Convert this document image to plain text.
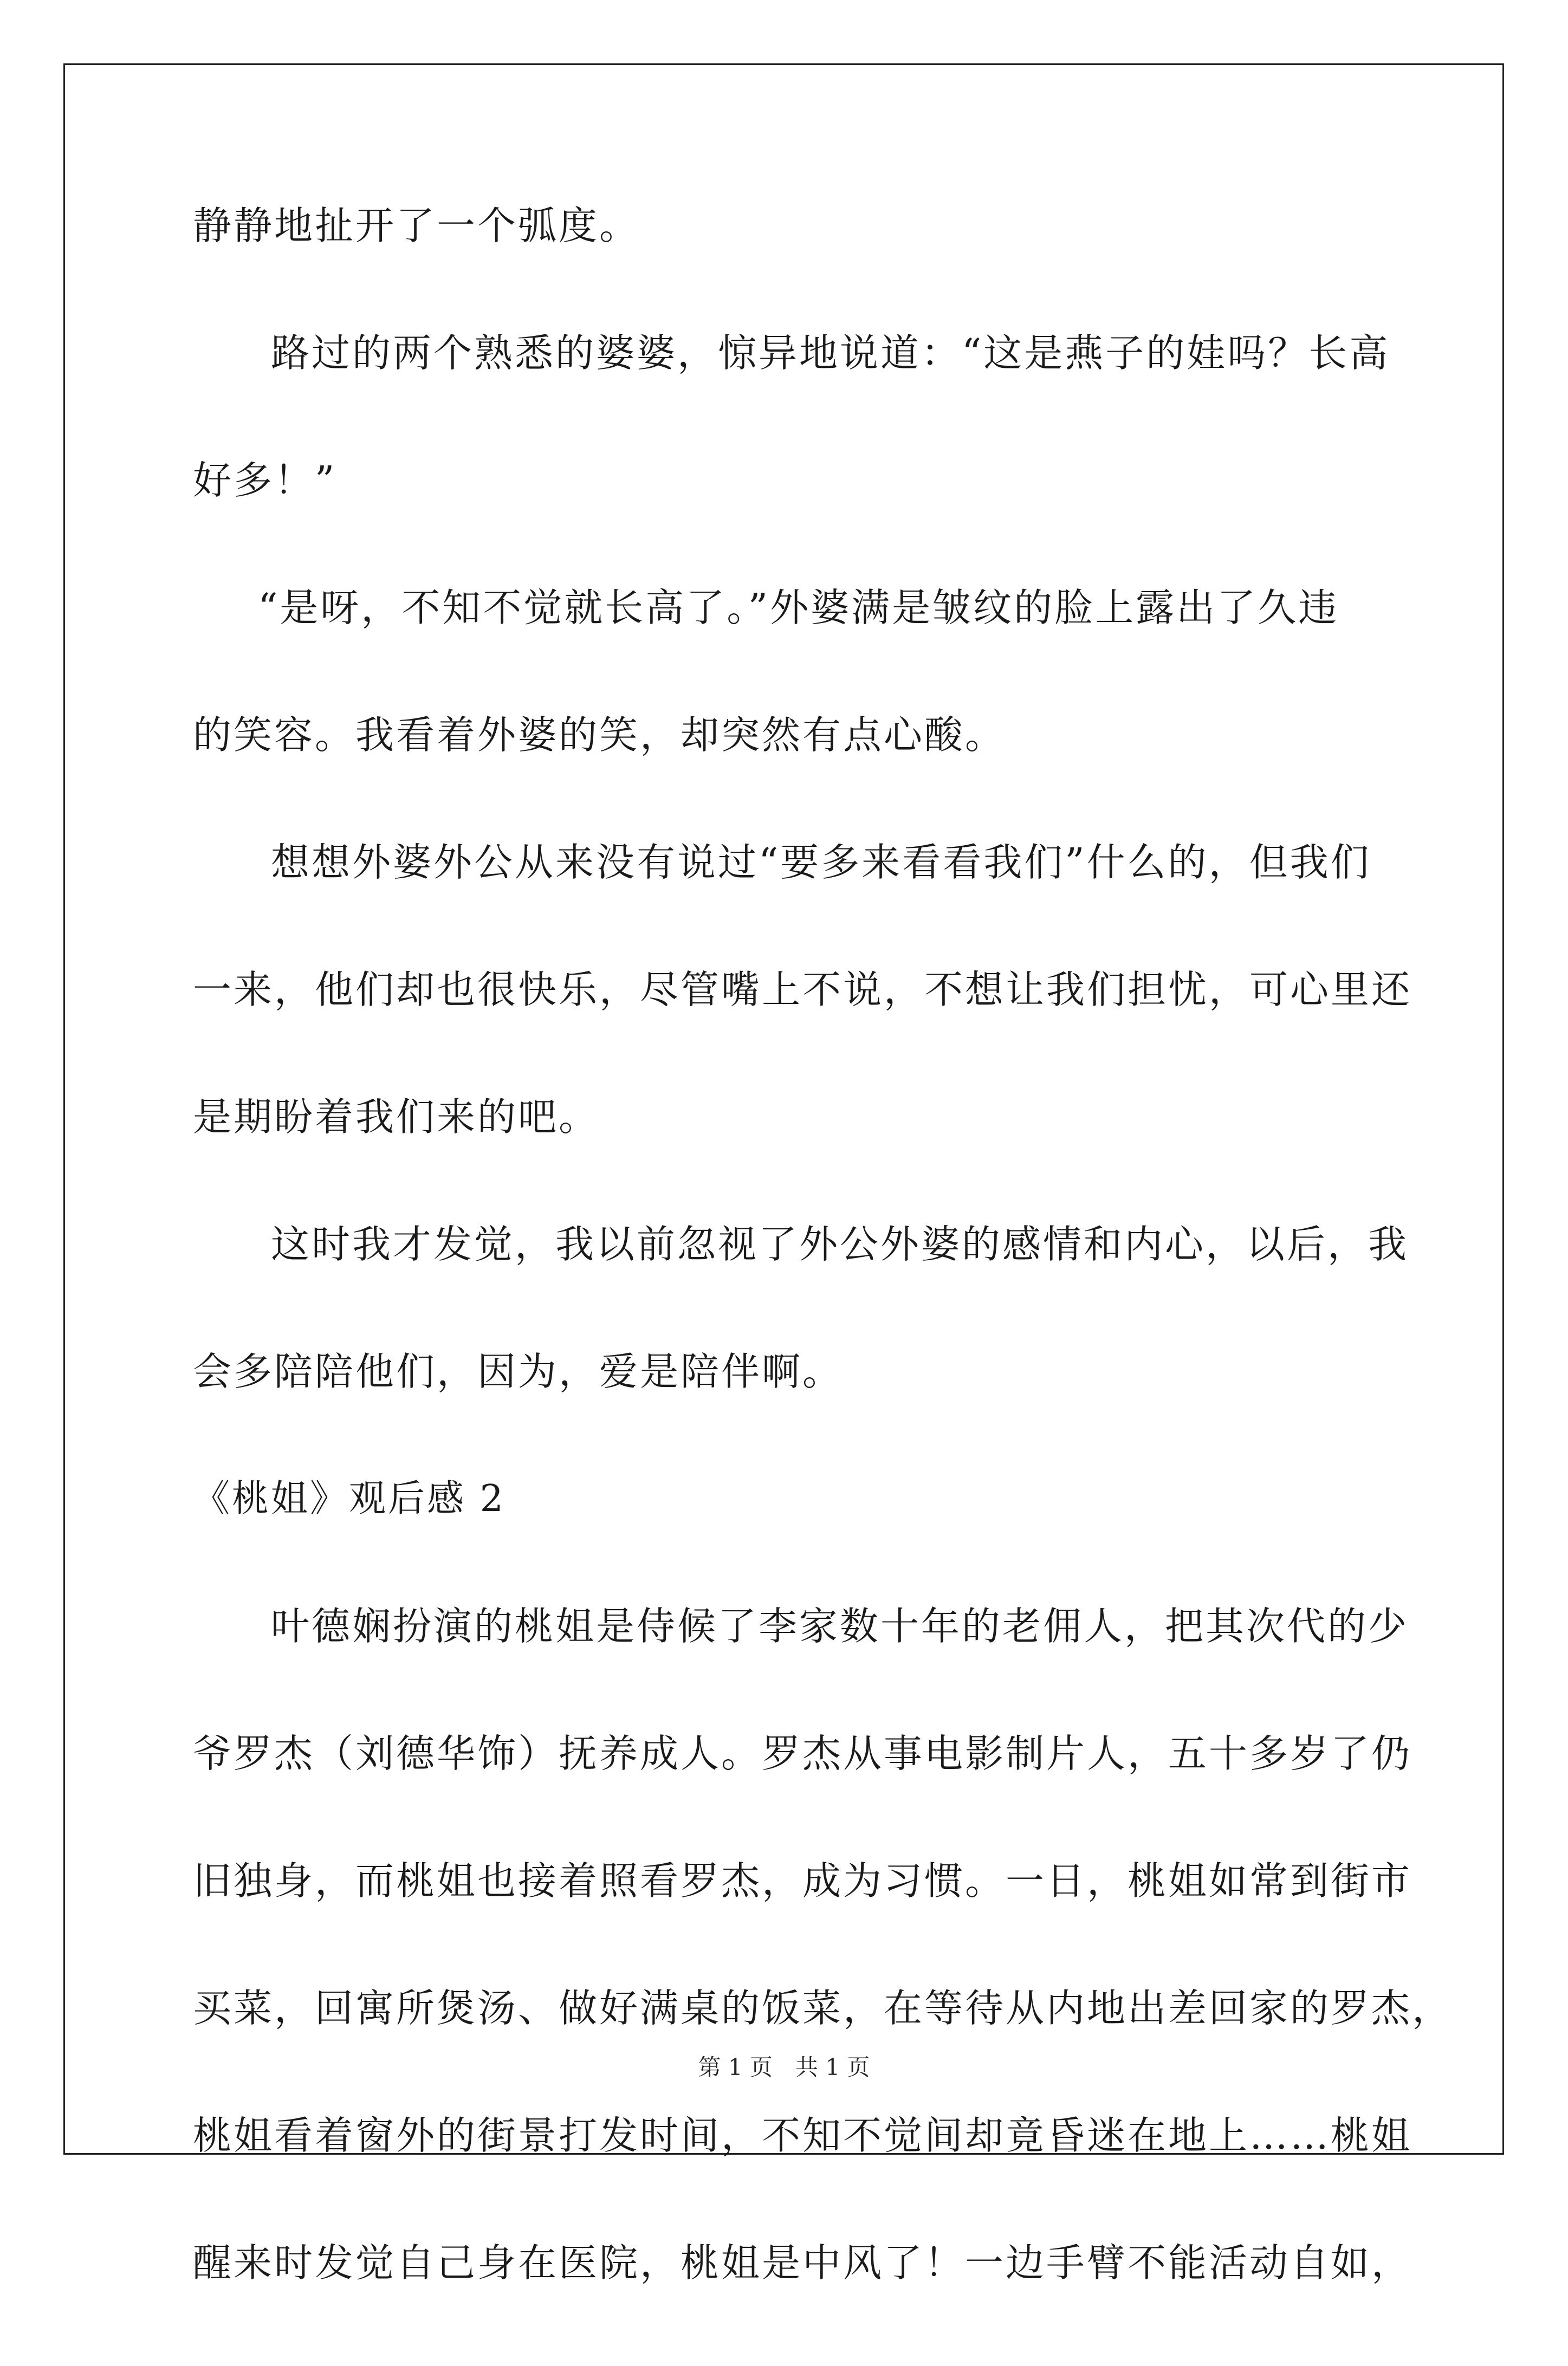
静静地扯开了一个弧度。
路过的两个熟悉的婆婆，惊异地说道：“这是燕子的娃吗？长高
好多！”
“是呀，不知不觉就长高了。”外婆满是皱纹的脸上露出了久违
的笑容。我看着外婆的笑，却突然有点心酸。
想想外婆外公从来没有说过“要多来看看我们”什么的，但我们
一来，他们却也很快乐，尽管嘴上不说，不想让我们担忧，可心里还
是期盼着我们来的吧。
这时我才发觉，我以前忽视了外公外婆的感情和内心，以后，我
会多陪陪他们，因为，爱是陪伴啊。
《桃姐》观后感 2
叶德娴扮演的桃姐是侍候了李家数十年的老佣人，把其次代的少
爷罗杰（刘德华饰）抚养成人。罗杰从事电影制片人，五十多岁了仍
旧独身，而桃姐也接着照看罗杰，成为习惯。一日，桃姐如常到街市
买菜，回寓所煲汤、做好满桌的饭菜，在等待从内地出差回家的罗杰，
桃姐看着窗外的街景打发时间，不知不觉间却竟昏迷在地上……桃姐
醒来时发觉自己身在医院，桃姐是中风了！一边手臂不能活动自如，
第 1 页　共 1 页
